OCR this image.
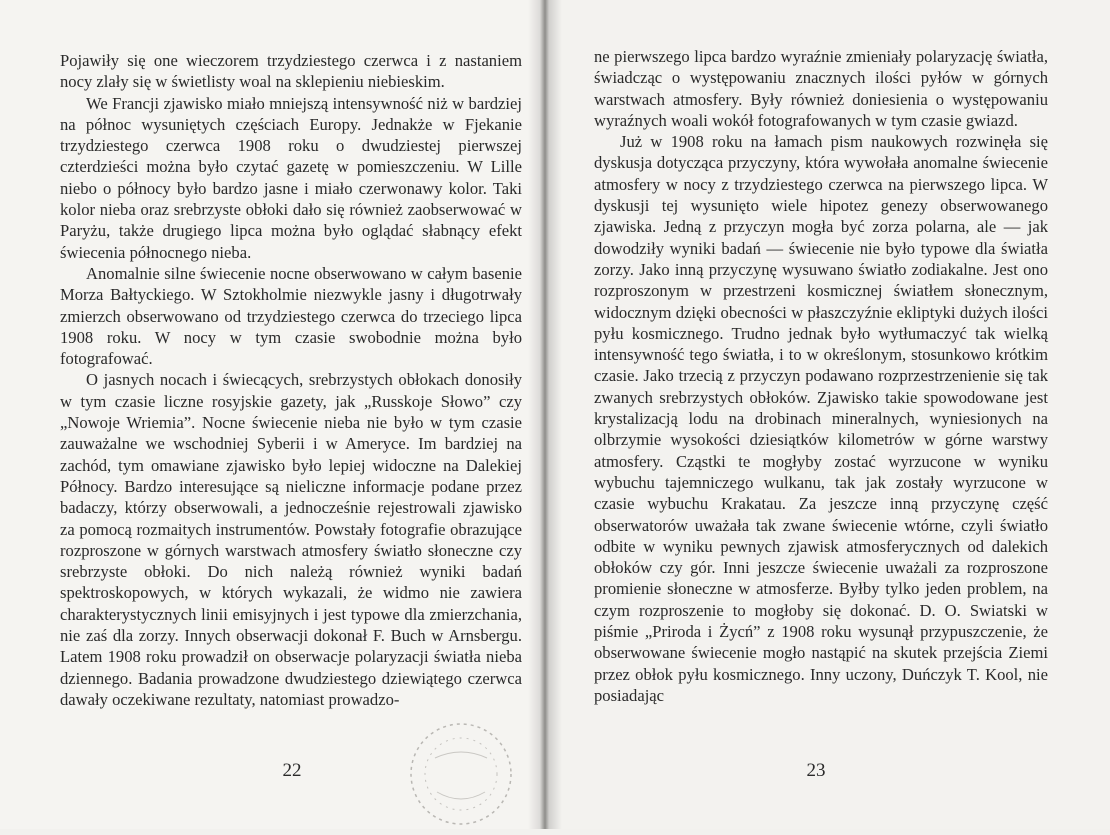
Pojawiły się one wieczorem trzydziestego czerwca i z nastaniem nocy zlały się w świetlisty woal na sklepieniu niebieskim.

We Francji zjawisko miało mniejszą intensywność niż w bardziej na północ wysuniętych częściach Europy. Jednakże w Fjekanie trzydziestego czerwca 1908 roku o dwudziestej pierwszej czterdzieści można było czytać gazetę w pomieszczeniu. W Lille niebo o północy było bardzo jasne i miało czerwonawy kolor. Taki kolor nieba oraz srebrzyste obłoki dało się również zaobserwować w Paryżu, także drugiego lipca można było oglądać słabnący efekt świecenia północnego nieba.

Anomalnie silne świecenie nocne obserwowano w całym basenie Morza Bałtyckiego. W Sztokholmie niezwykle jasny i długotrwały zmierzch obserwowano od trzydziestego czerwca do trzeciego lipca 1908 roku. W nocy w tym czasie swobodnie można było fotografować.

O jasnych nocach i świecących, srebrzystych obłokach donosiły w tym czasie liczne rosyjskie gazety, jak „Russkoje Słowo” czy „Nowoje Wriemia”. Nocne świecenie nieba nie było w tym czasie zauważalne we wschodniej Syberii i w Ameryce. Im bardziej na zachód, tym omawiane zjawisko było lepiej widoczne na Dalekiej Północy. Bardzo interesujące są nieliczne informacje podane przez badaczy, którzy obserwowali, a jednocześnie rejestrowali zjawisko za pomocą rozmaitych instrumentów. Powstały fotografie obrazujące rozproszone w górnych warstwach atmosfery światło słoneczne czy srebrzyste obłoki. Do nich należą również wyniki badań spektroskopowych, w których wykazali, że widmo nie zawiera charakterystycznych linii emisyjnych i jest typowe dla zmierzchania, nie zaś dla zorzy. Innych obserwacji dokonał F. Buch w Arnsbergu. Latem 1908 roku prowadził on obserwacje polaryzacji światła nieba dziennego. Badania prowadzone dwudziestego dziewiątego czerwca dawały oczekiwane rezultaty, natomiast prowadzo-

ne pierwszego lipca bardzo wyraźnie zmieniały polaryzację światła, świadcząc o występowaniu znacznych ilości pyłów w górnych warstwach atmosfery. Były również doniesienia o występowaniu wyraźnych woali wokół fotografowanych w tym czasie gwiazd.

Już w 1908 roku na łamach pism naukowych rozwinęła się dyskusja dotycząca przyczyny, która wywołała anomalne świecenie atmosfery w nocy z trzydziestego czerwca na pierwszego lipca. W dyskusji tej wysunięto wiele hipotez genezy obserwowanego zjawiska. Jedną z przyczyn mogła być zorza polarna, ale — jak dowodziły wyniki badań — świecenie nie było typowe dla światła zorzy. Jako inną przyczynę wysuwano światło zodiakalne. Jest ono rozproszonym w przestrzeni kosmicznej światłem słonecznym, widocznym dzięki obecności w płaszczyźnie ekliptyki dużych ilości pyłu kosmicznego. Trudno jednak było wytłumaczyć tak wielką intensywność tego światła, i to w określonym, stosunkowo krótkim czasie. Jako trzecią z przyczyn podawano rozprzestrzenienie się tak zwanych srebrzystych obłoków. Zjawisko takie spowodowane jest krystalizacją lodu na drobinach mineralnych, wyniesionych na olbrzymie wysokości dziesiątków kilometrów w górne warstwy atmosfery. Cząstki te mogłyby zostać wyrzucone w wyniku wybuchu tajemniczego wulkanu, tak jak zostały wyrzucone w czasie wybuchu Krakatau. Za jeszcze inną przyczynę część obserwatorów uważała tak zwane świecenie wtórne, czyli światło odbite w wyniku pewnych zjawisk atmosferycznych od dalekich obłoków czy gór. Inni jeszcze świecenie uważali za rozproszone promienie słoneczne w atmosferze. Byłby tylko jeden problem, na czym rozproszenie to mogłoby się dokonać. D. O. Swiatski w piśmie „Priroda i Życń” z 1908 roku wysunął przypuszczenie, że obserwowane świecenie mogło nastąpić na skutek przejścia Ziemi przez obłok pyłu kosmicznego. Inny uczony, Duńczyk T. Kool, nie posiadając

22	23
